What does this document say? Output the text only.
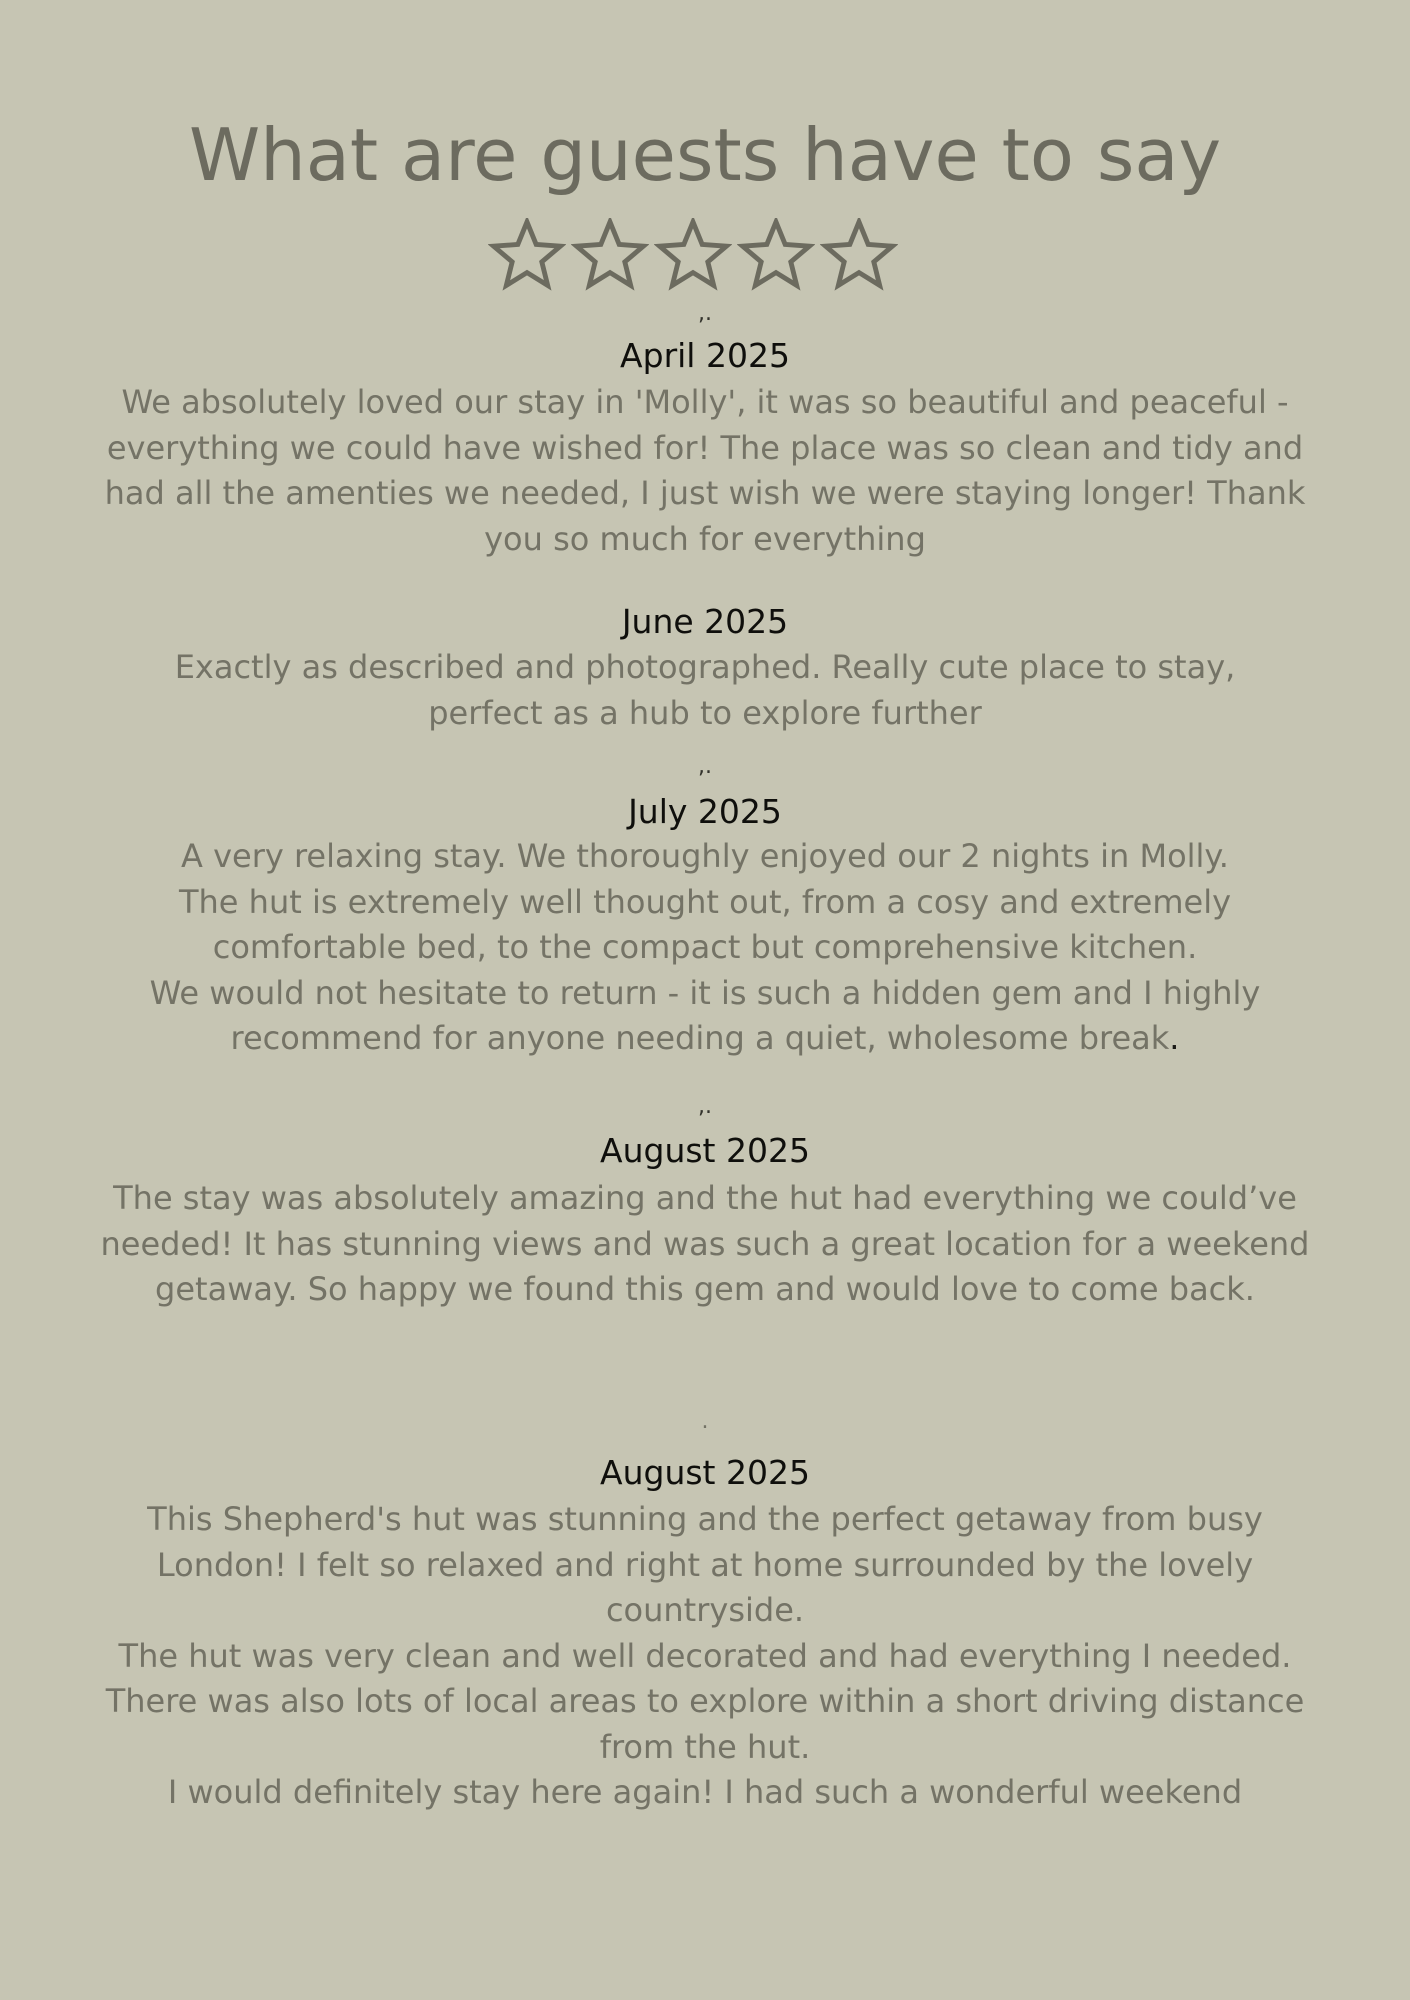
What are guests have to say
,.
April 2025

We absolutely loved our stay in 'Molly', it was so beautiful and peaceful - everything we could have wished for! The place was so clean and tidy and had all the amenties we needed, I just wish we were staying longer! Thank you so much for everything

June 2025

Exactly as described and photographed. Really cute place to stay, perfect as a hub to explore further

,.
July 2025

A very relaxing stay. We thoroughly enjoyed our 2 nights in Molly.

The hut is extremely well thought out, from a cosy and extremely comfortable bed, to the compact but comprehensive kitchen.

We would not hesitate to return - it is such a hidden gem and I highly recommend for anyone needing a quiet, wholesome break.

,.
August 2025

The stay was absolutely amazing and the hut had everything we could’ve needed! It has stunning views and was such a great location for a weekend getaway. So happy we found this gem and would love to come back.

.
August 2025

This Shepherd's hut was stunning and the perfect getaway from busy London! I felt so relaxed and right at home surrounded by the lovely countryside.

The hut was very clean and well decorated and had everything I needed. There was also lots of local areas to explore within a short driving distance from the hut.

I would definitely stay here again! I had such a wonderful weekend
